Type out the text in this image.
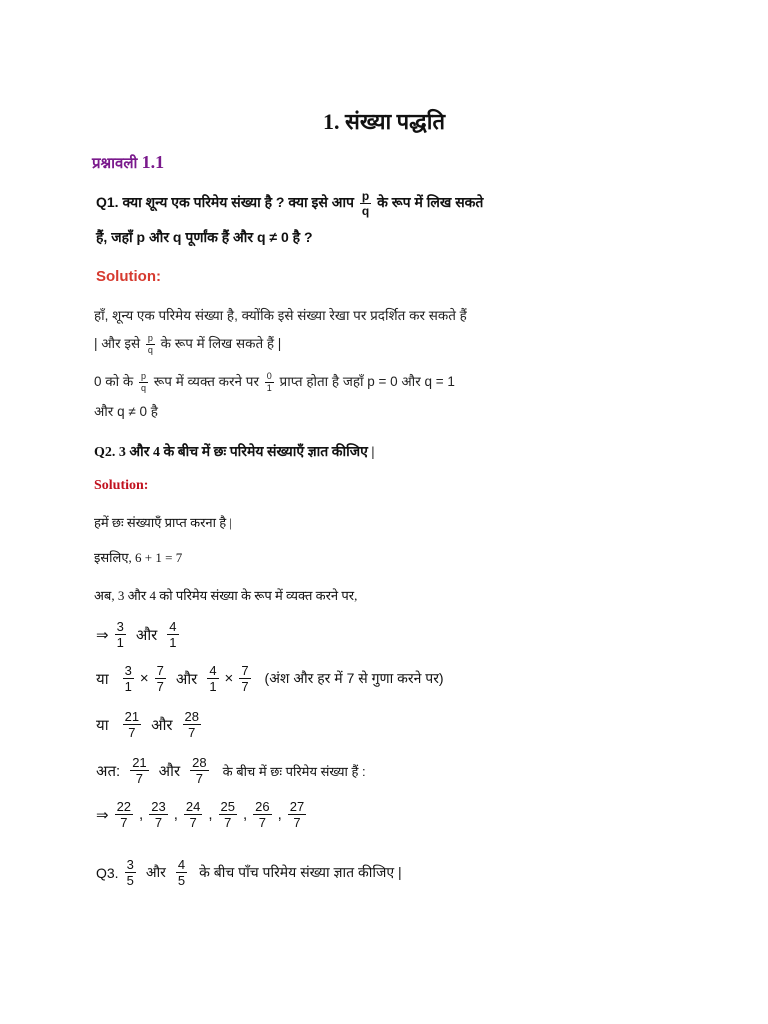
1. संख्या पद्धति
प्रश्नावली 1.1
Q1. क्या शून्य एक परिमेय संख्या है ? क्या इसे आप $\frac{p}{q}$ के रूप में लिख सकते
हैं, जहाँ p और q पूर्णांक हैं और q ≠ 0 है ?
Solution:
हाँ, शून्य एक परिमेय संख्या है, क्योंकि इसे संख्या रेखा पर प्रदर्शित कर सकते हैं
| और इसे $\frac{p}{q}$ के रूप में लिख सकते हैं |
0 को के $\frac{p}{q}$ रूप में व्यक्त करने पर $\frac{0}{1}$ प्राप्त होता है जहाँ p = 0 और q = 1
और q ≠ 0 है
Q2. 3 और 4 के बीच में छः परिमेय संख्याएँ ज्ञात कीजिए |
Solution:
हमें छः संख्याएँ प्राप्त करना है |
इसलिए, 6 + 1 = 7
अब, 3 और 4 को परिमेय संख्या के रूप में व्यक्त करने पर,
⇒ $\frac{3}{1}$ और $\frac{4}{1}$
या $\frac{3}{1} \times \frac{7}{7}$ और $\frac{4}{1} \times \frac{7}{7}$ (अंश और हर में 7 से गुणा करने पर)
या $\frac{21}{7}$ और $\frac{28}{7}$
अत: $\frac{21}{7}$ और $\frac{28}{7}$ के बीच में छः परिमेय संख्या हैं :
⇒ $\frac{22}{7}$ , $\frac{23}{7}$ , $\frac{24}{7}$ , $\frac{25}{7}$ , $\frac{26}{7}$ , $\frac{27}{7}$
Q3. $\frac{3}{5}$ और $\frac{4}{5}$ के बीच पाँच परिमेय संख्या ज्ञात कीजिए |
